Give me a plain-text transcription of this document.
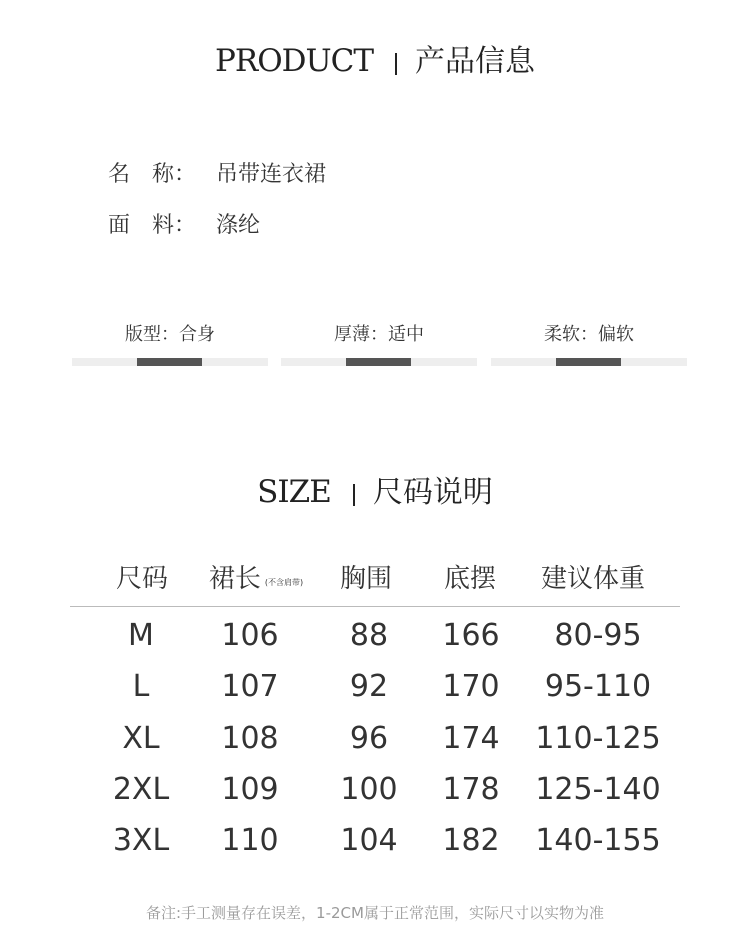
PRODUCT 产品信息
名 称： 吊带连衣裙
面 料： 涤纶
版型：合身	厚薄：适中	柔软：偏软
SIZE 尺码说明
尺码 裙长 (不含肩带) 胸围 底摆 建议体重
M 106 88 166 80-95
L 107 92 170 95-110
XL 108 96 174 110-125
2XL 109 100 178 125-140
3XL 110 104 182 140-155
备注:手工测量存在误差，1-2CM属于正常范围，实际尺寸以实物为准
